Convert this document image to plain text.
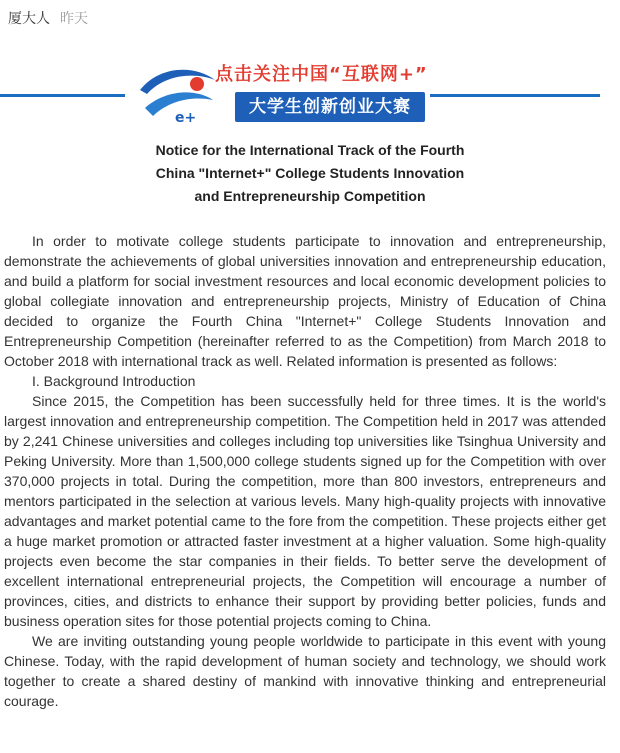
厦大人 昨天
e+
点击关注中国“互联网+”
大学生创新创业大赛
Notice for the International Track of the Fourth
China "Internet+" College Students Innovation
and Entrepreneurship Competition

In order to motivate college students participate to innovation and entrepreneurship, demonstrate the achievements of global universities innovation and entrepreneurship education, and build a platform for social investment resources and local economic development policies to global collegiate innovation and entrepreneurship projects, Ministry of Education of China decided to organize the Fourth China "Internet+" College Students Innovation and Entrepreneurship Competition (hereinafter referred to as the Competition) from March 2018 to October 2018 with international track as well. Related information is presented as follows:

I. Background Introduction

Since 2015, the Competition has been successfully held for three times. It is the world's largest innovation and entrepreneurship competition. The Competition held in 2017 was attended by 2,241 Chinese universities and colleges including top universities like Tsinghua University and Peking University. More than 1,500,000 college students signed up for the Competition with over 370,000 projects in total. During the competition, more than 800 investors, entrepreneurs and mentors participated in the selection at various levels. Many high-quality projects with innovative advantages and market potential came to the fore from the competition. These projects either get a huge market promotion or attracted faster investment at a higher valuation. Some high-quality projects even become the star companies in their fields. To better serve the development of excellent international entrepreneurial projects, the Competition will encourage a number of provinces, cities, and districts to enhance their support by providing better policies, funds and business operation sites for those potential projects coming to China.

We are inviting outstanding young people worldwide to participate in this event with young Chinese. Today, with the rapid development of human society and technology, we should work together to create a shared destiny of mankind with innovative thinking and entrepreneurial courage.
